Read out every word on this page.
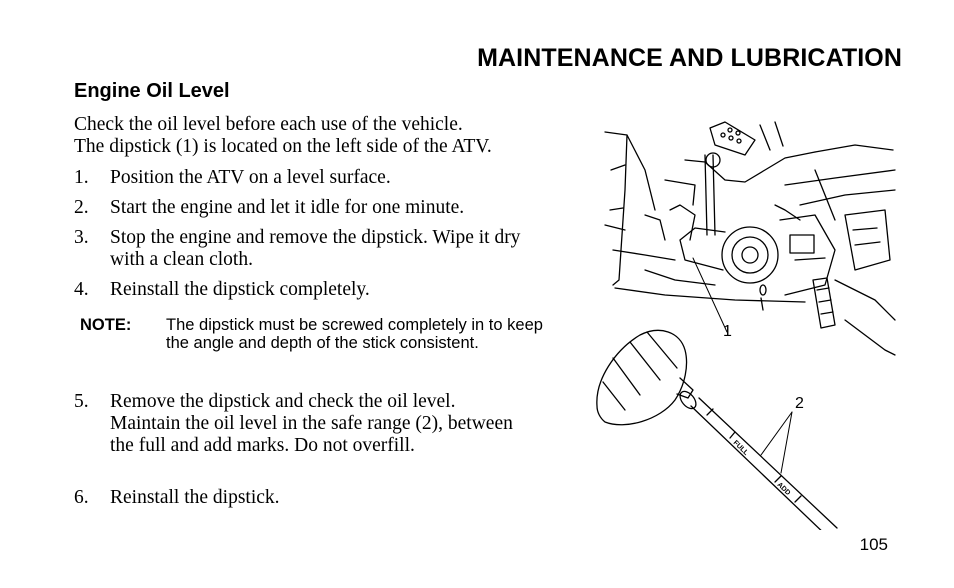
MAINTENANCE AND LUBRICATION
Engine Oil Level

Check the oil level before each use of the vehicle.
The dipstick (1) is located on the left side of the ATV.

1.	Position the ATV on a level surface.
2.	Start the engine and let it idle for one minute.
3.	Stop the engine and remove the dipstick. Wipe it dry with a clean cloth.
4.	Reinstall the dipstick completely.
NOTE:	The dipstick must be screwed completely in to keep the angle and depth of the stick consistent.
5.	Remove the dipstick and check the oil level. Maintain the oil level in the safe range (2), between the full and add marks. Do not overfill.
6.	Reinstall the dipstick.
FULL
ADD
1
2
105
